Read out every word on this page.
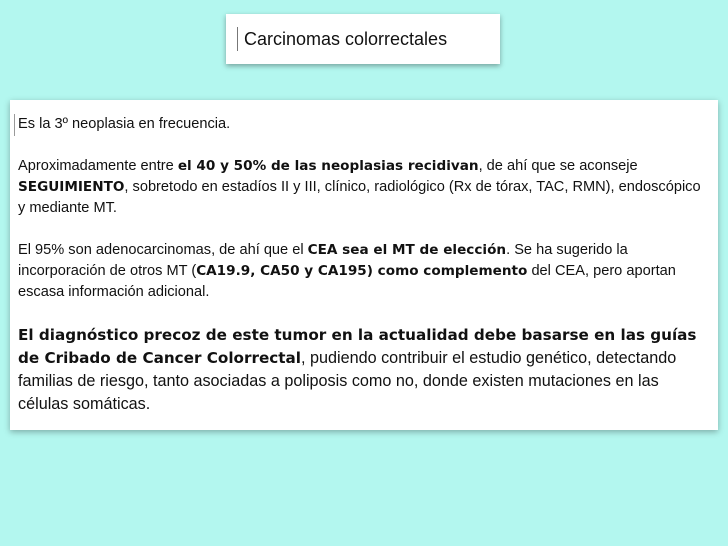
Carcinomas colorrectales

Es la 3º neoplasia en frecuencia.

Aproximadamente entre el 40 y 50% de las neoplasias recidivan, de ahí que se aconseje SEGUIMIENTO, sobretodo en estadíos II y III, clínico, radiológico (Rx de tórax, TAC, RMN), endoscópico y mediante MT.

El 95% son adenocarcinomas, de ahí que el CEA sea el MT de elección. Se ha sugerido la incorporación de otros MT (CA19.9, CA50 y CA195) como complemento del CEA, pero aportan escasa información adicional.

El diagnóstico precoz de este tumor en la actualidad debe basarse en las guías de Cribado de Cancer Colorrectal, pudiendo contribuir el estudio genético, detectando familias de riesgo, tanto asociadas a poliposis como no, donde existen mutaciones en las células somáticas.
